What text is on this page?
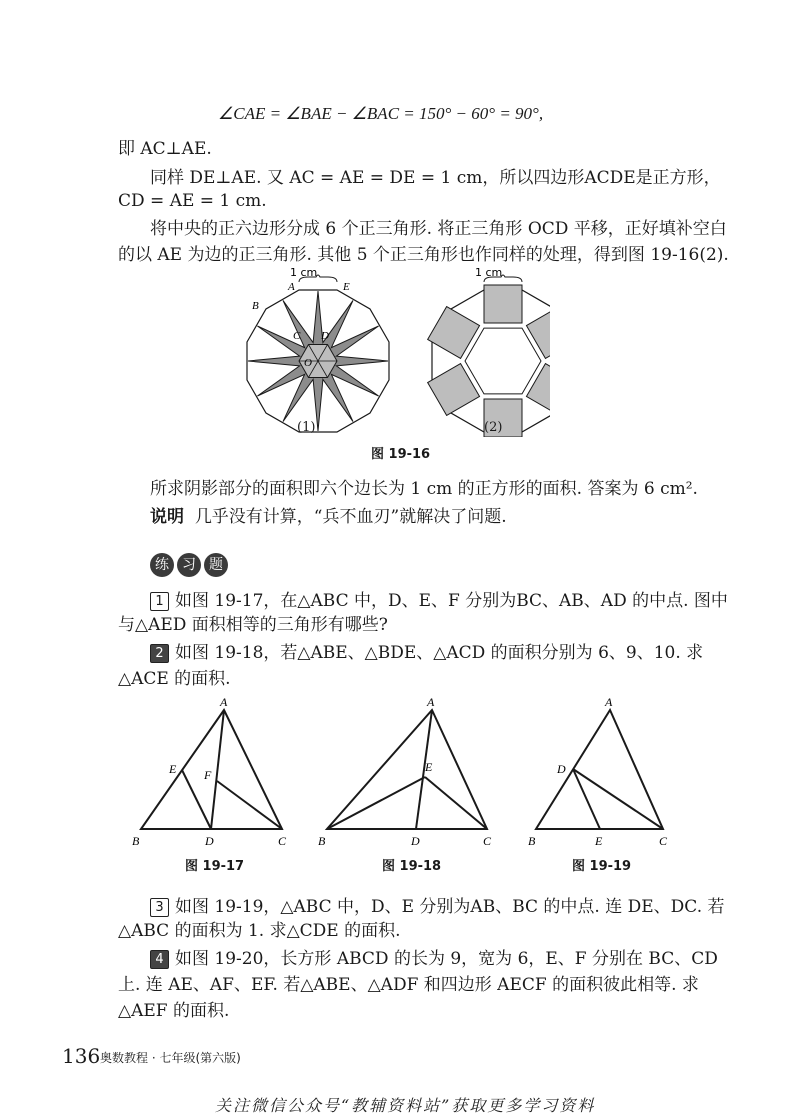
∠CAE = ∠BAE − ∠BAC = 150° − 60° = 90°,
即 AC⊥AE.
同样 DE⊥AE. 又 AC = AE = DE = 1 cm，所以四边形ACDE是正方形，
CD = AE = 1 cm.
将中央的正六边形分成 6 个正三角形. 将正三角形 OCD 平移，正好填补空白
的以 AE 为边的正三角形. 其他 5 个正三角形也作同样的处理，得到图 19-16(2).
1 cm
A	E
B
C D
O
1 cm
(1)	(2)
图 19-16
所求阴影部分的面积即六个边长为 1 cm 的正方形的面积. 答案为 6 cm².
说明 几乎没有计算，“兵不血刃”就解决了问题.
练 习 题
1 如图 19-17，在△ABC 中，D、E、F 分别为BC、AB、AD 的中点. 图中
与△AED 面积相等的三角形有哪些?
2 如图 19-18，若△ABE、△BDE、△ACD 的面积分别为 6、9、10. 求
△ACE 的面积.
A
E F
B	D	C
A
E
B	D	C
A
D
B	E	C
图 19-17	图 19-18	图 19-19
3 如图 19-19，△ABC 中，D、E 分别为AB、BC 的中点. 连 DE、DC. 若
△ABC 的面积为 1. 求△CDE 的面积.
4 如图 19-20，长方形 ABCD 的长为 9，宽为 6，E、F 分别在 BC、CD
上. 连 AE、AF、EF. 若△ABE、△ADF 和四边形 AECF 的面积彼此相等. 求
△AEF 的面积.
136 奥数教程 · 七年级(第六版)
关注微信公众号“教辅资料站”获取更多学习资料
